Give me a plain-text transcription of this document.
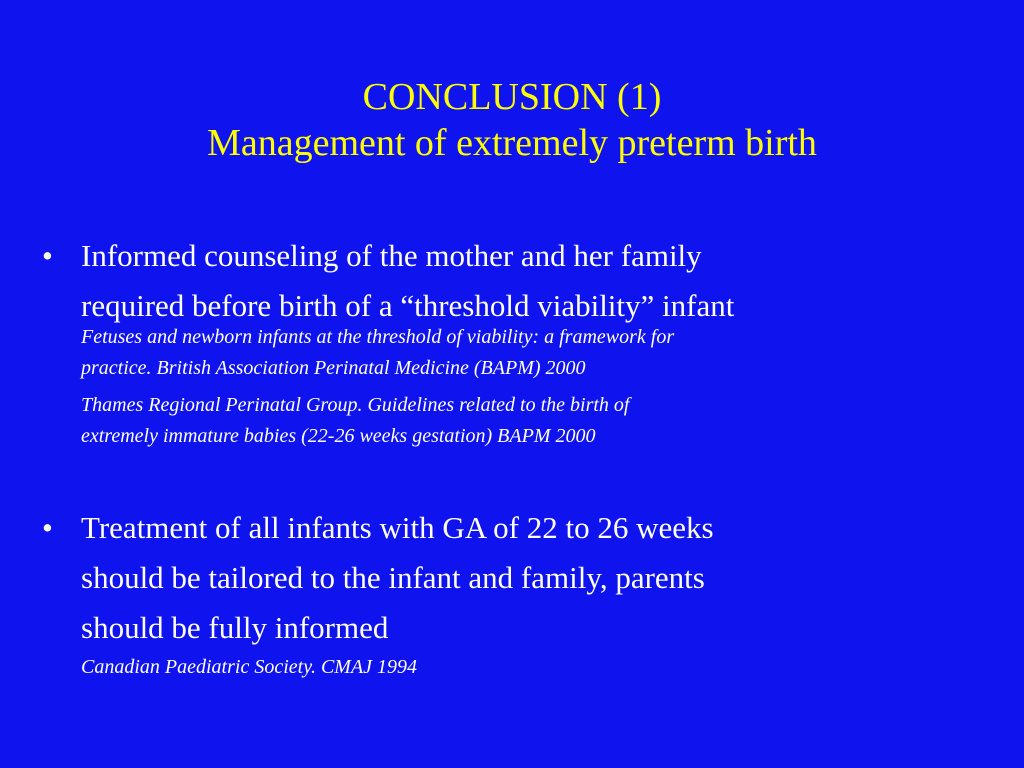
CONCLUSION (1)
Management of extremely preterm birth
• Informed counseling of the mother and her family
required before birth of a “threshold viability” infant
Fetuses and newborn infants at the threshold of viability: a framework for
practice. British Association Perinatal Medicine (BAPM) 2000
Thames Regional Perinatal Group. Guidelines related to the birth of
extremely immature babies (22-26 weeks gestation) BAPM 2000
• Treatment of all infants with GA of 22 to 26 weeks
should be tailored to the infant and family, parents
should be fully informed
Canadian Paediatric Society. CMAJ 1994
